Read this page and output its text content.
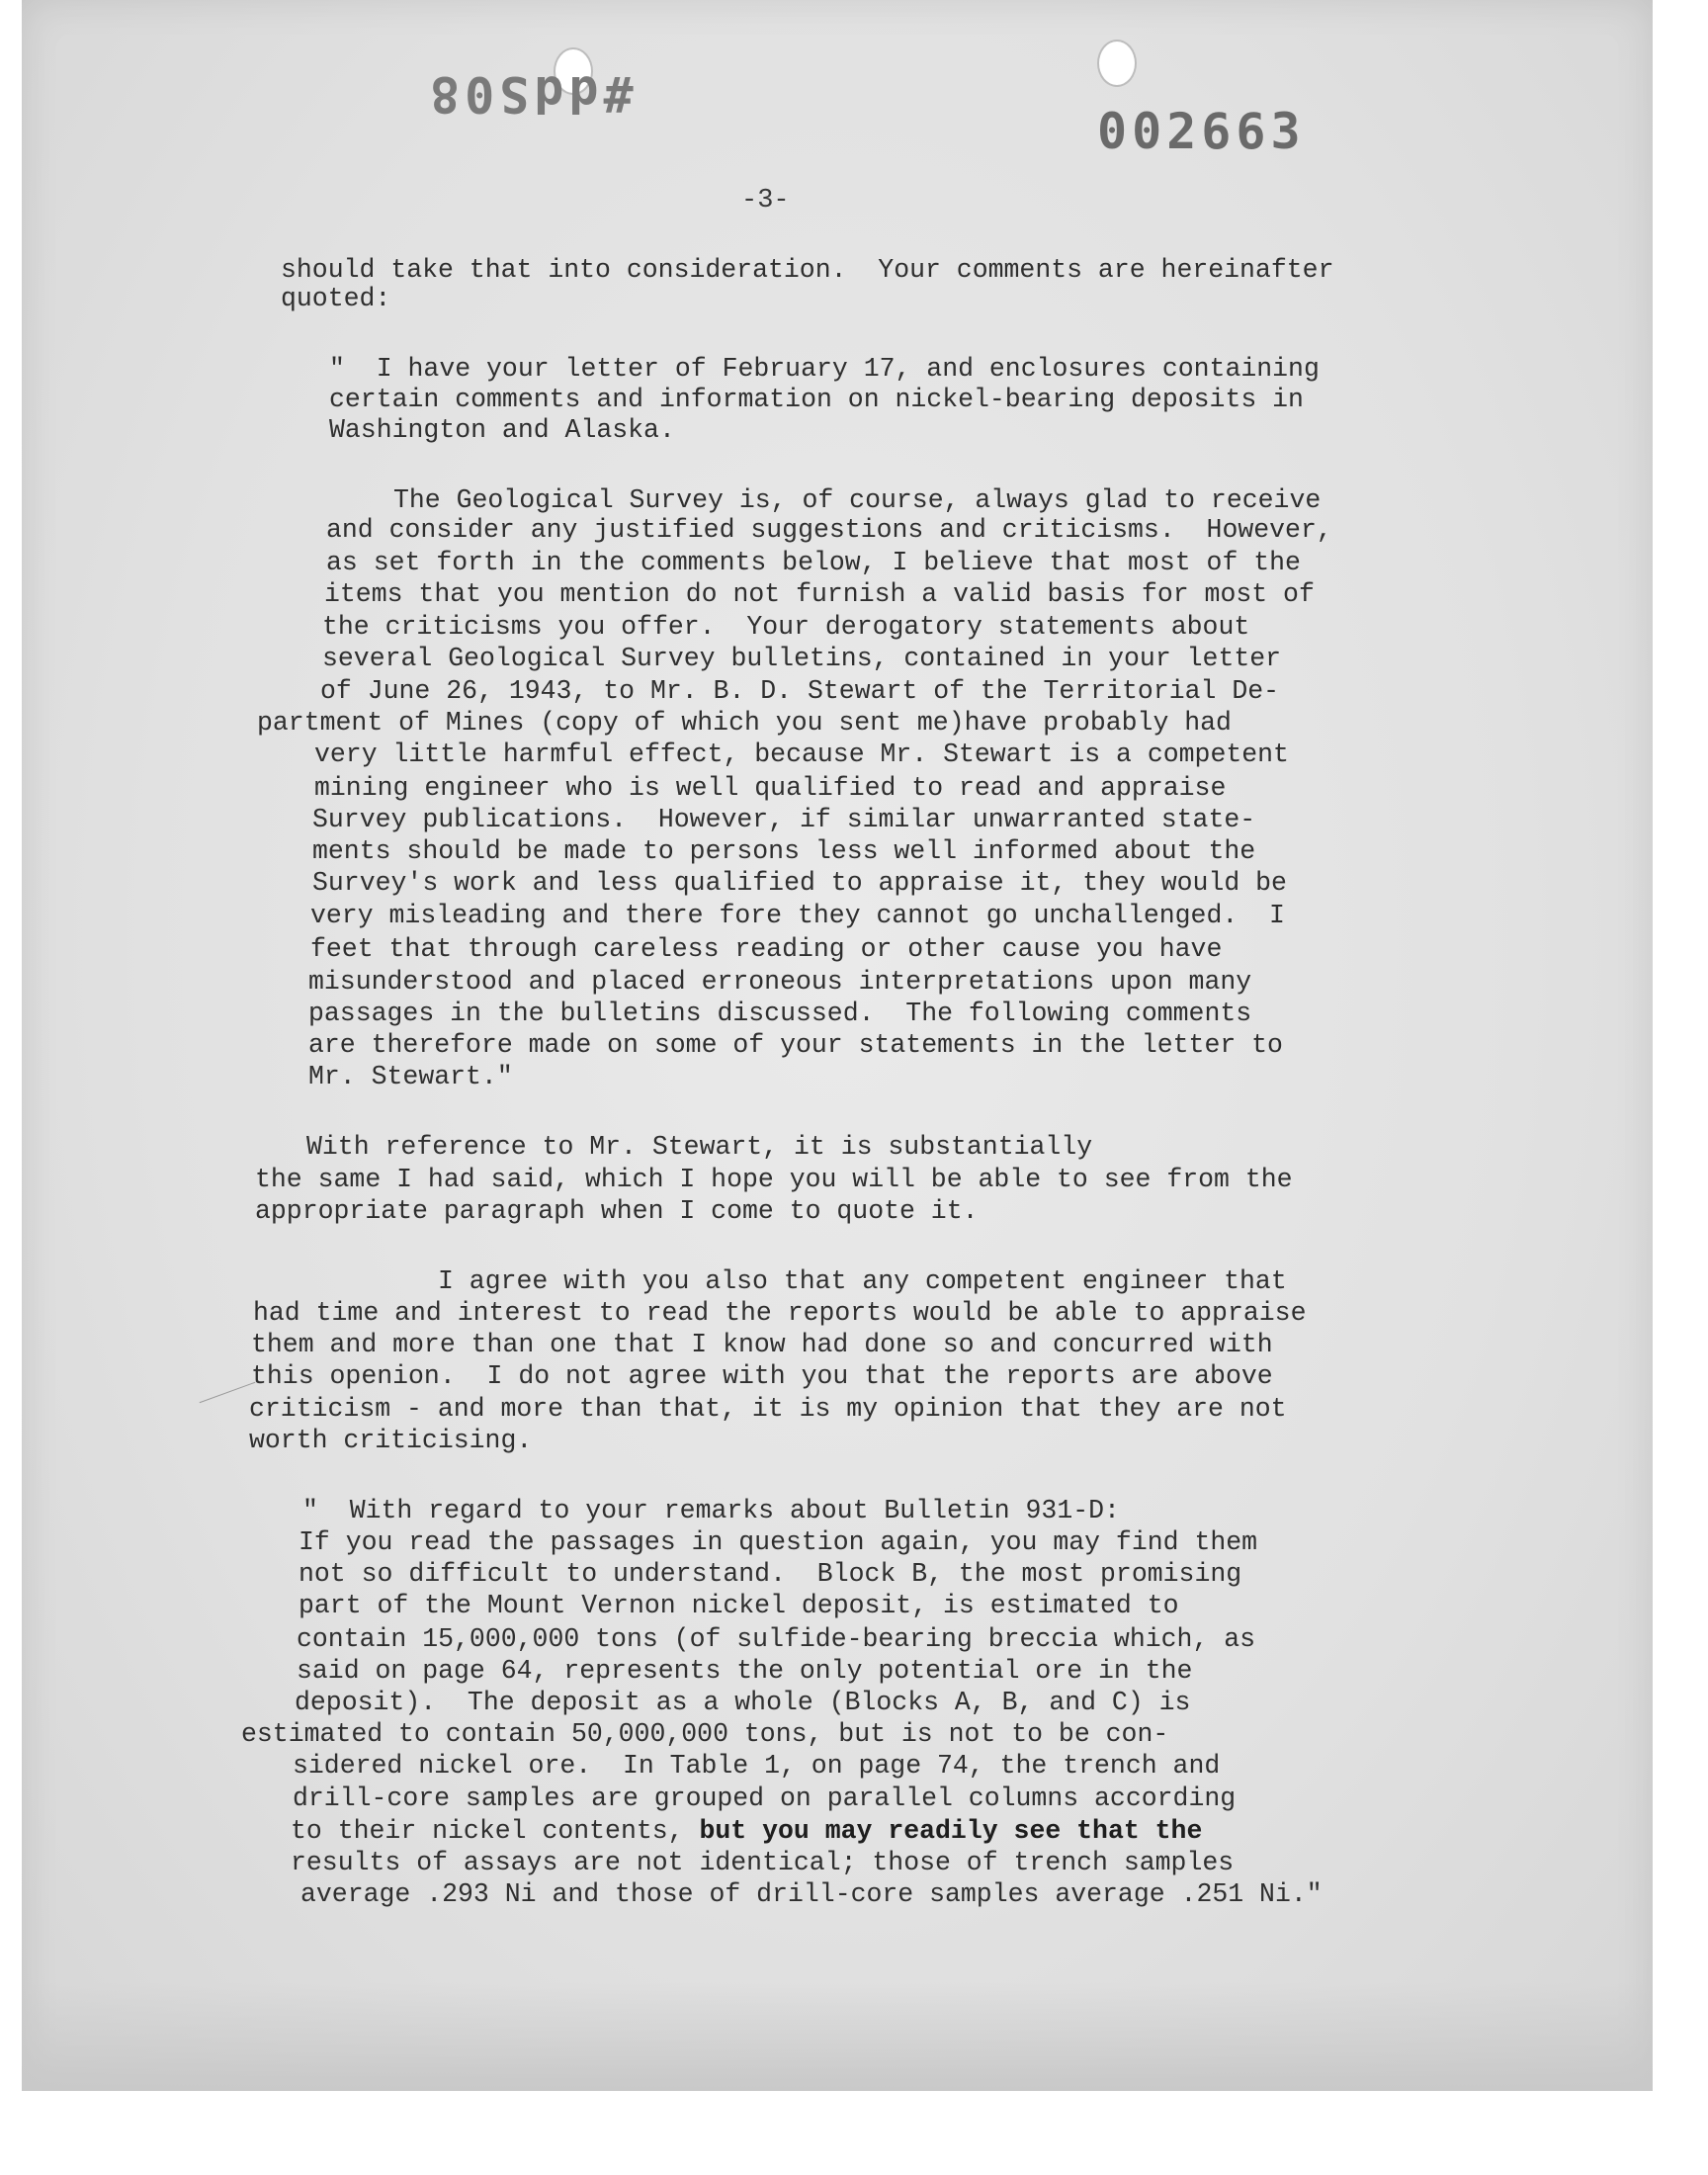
#ddS08
002663
-3-
should take that into consideration.  Your comments are hereinafter
quoted:
"  I have your letter of February 17, and enclosures containing
certain comments and information on nickel-bearing deposits in
Washington and Alaska.
The Geological Survey is, of course, always glad to receive
and consider any justified suggestions and criticisms.  However,
as set forth in the comments below, I believe that most of the
items that you mention do not furnish a valid basis for most of
the criticisms you offer.  Your derogatory statements about
several Geological Survey bulletins, contained in your letter
of June 26, 1943, to Mr. B. D. Stewart of the Territorial De-
partment of Mines (copy of which you sent me)have probably had
very little harmful effect, because Mr. Stewart is a competent
mining engineer who is well qualified to read and appraise
Survey publications.  However, if similar unwarranted state-
ments should be made to persons less well informed about the
Survey's work and less qualified to appraise it, they would be
very misleading and there fore they cannot go unchallenged.  I
feet that through careless reading or other cause you have
misunderstood and placed erroneous interpretations upon many
passages in the bulletins discussed.  The following comments
are therefore made on some of your statements in the letter to
Mr. Stewart."
With reference to Mr. Stewart, it is substantially
the same I had said, which I hope you will be able to see from the
appropriate paragraph when I come to quote it.
I agree with you also that any competent engineer that
had time and interest to read the reports would be able to appraise
them and more than one that I know had done so and concurred with
this openion.  I do not agree with you that the reports are above
criticism - and more than that, it is my opinion that they are not
worth criticising.
"  With regard to your remarks about Bulletin 931-D:
If you read the passages in question again, you may find them
not so difficult to understand.  Block B, the most promising
part of the Mount Vernon nickel deposit, is estimated to
contain 15,000,000 tons (of sulfide-bearing breccia which, as
said on page 64, represents the only potential ore in the
deposit).  The deposit as a whole (Blocks A, B, and C) is
estimated to contain 50,000,000 tons, but is not to be con-
sidered nickel ore.  In Table 1, on page 74, the trench and
drill-core samples are grouped on parallel columns according
to their nickel contents, but you may readily see that the
results of assays are not identical; those of trench samples
average .293 Ni and those of drill-core samples average .251 Ni."
